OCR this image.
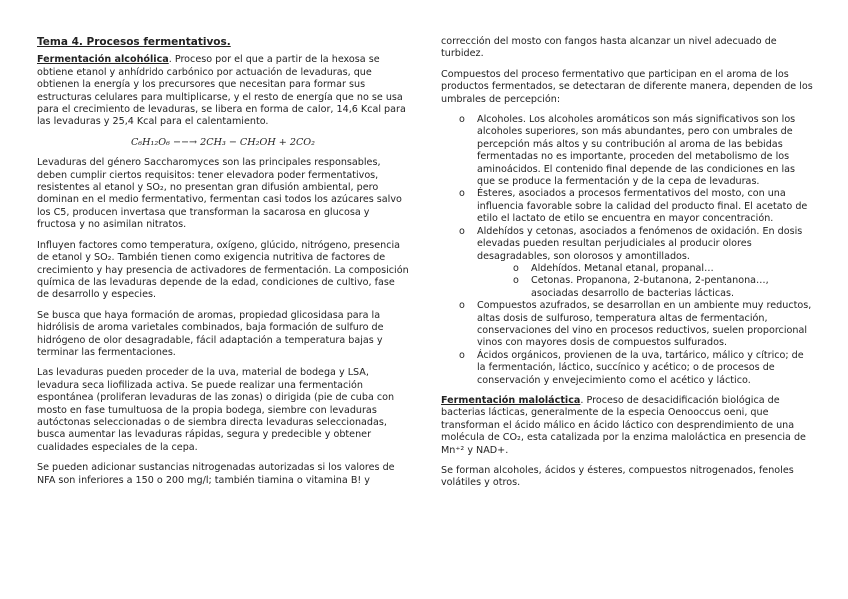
Tema 4. Procesos fermentativos.

Fermentación alcohólica. Proceso por el que a partir de la hexosa se obtiene etanol y anhídrido carbónico por actuación de levaduras, que obtienen la energía y los precursores que necesitan para formar sus estructuras celulares para multiplicarse, y el resto de energía que no se usa para el crecimiento de levaduras, se libera en forma de calor, 14,6 Kcal para las levaduras y 25,4 Kcal para el calentamiento.

C₆H₁₂O₆ −−→ 2CH₃ − CH₂OH + 2CO₂

Levaduras del género Saccharomyces son las principales responsables, deben cumplir ciertos requisitos: tener elevadora poder fermentativos, resistentes al etanol y SO₂, no presentan gran difusión ambiental, pero dominan en el medio fermentativo, fermentan casi todos los azúcares salvo los C5, producen invertasa que transforman la sacarosa en glucosa y fructosa y no asimilan nitratos.

Influyen factores como temperatura, oxígeno, glúcido, nitrógeno, presencia de etanol y SO₂. También tienen como exigencia nutritiva de factores de crecimiento y hay presencia de activadores de fermentación. La composición química de las levaduras depende de la edad, condiciones de cultivo, fase de desarrollo y especies.

Se busca que haya formación de aromas, propiedad glicosidasa para la hidrólisis de aroma varietales combinados, baja formación de sulfuro de hidrógeno de olor desagradable, fácil adaptación a temperatura bajas y terminar las fermentaciones.

Las levaduras pueden proceder de la uva, material de bodega y LSA, levadura seca liofilizada activa. Se puede realizar una fermentación espontánea (proliferan levaduras de las zonas) o dirigida (pie de cuba con mosto en fase tumultuosa de la propia bodega, siembre con levaduras autóctonas seleccionadas o de siembra directa levaduras seleccionadas, busca aumentar las levaduras rápidas, segura y predecible y obtener cualidades especiales de la cepa.

Se pueden adicionar sustancias nitrogenadas autorizadas si los valores de NFA son inferiores a 150 o 200 mg/l; también tiamina o vitamina B! y

corrección del mosto con fangos hasta alcanzar un nivel adecuado de turbidez.

Compuestos del proceso fermentativo que participan en el aroma de los productos fermentados, se detectaran de diferente manera, dependen de los umbrales de percepción:

o Alcoholes. Los alcoholes aromáticos son más significativos son los alcoholes superiores, son más abundantes, pero con umbrales de percepción más altos y su contribución al aroma de las bebidas fermentadas no es importante, proceden del metabolismo de los aminoácidos. El contenido final depende de las condiciones en las que se produce la fermentación y de la cepa de levaduras.
o Ésteres, asociados a procesos fermentativos del mosto, con una influencia favorable sobre la calidad del producto final. El acetato de etilo el lactato de etilo se encuentra en mayor concentración.
o Aldehídos y cetonas, asociados a fenómenos de oxidación. En dosis elevadas pueden resultan perjudiciales al producir olores desagradables, son olorosos y amontillados.
o Aldehídos. Metanal etanal, propanal…
o Cetonas. Propanona, 2-butanona, 2-pentanona…, asociadas desarrollo de bacterias lácticas.
o Compuestos azufrados, se desarrollan en un ambiente muy reductos, altas dosis de sulfuroso, temperatura altas de fermentación, conservaciones del vino en procesos reductivos, suelen proporcional vinos con mayores dosis de compuestos sulfurados.
o Ácidos orgánicos, provienen de la uva, tartárico, málico y cítrico; de la fermentación, láctico, succínico y acético; o de procesos de conservación y envejecimiento como el acético y láctico.

Fermentación maloláctica. Proceso de desacidificación biológica de bacterias lácticas, generalmente de la especia Oenooccus oeni, que transforman el ácido málico en ácido láctico con desprendimiento de una molécula de CO₂, esta catalizada por la enzima maloláctica en presencia de Mn⁺² y NAD+.

Se forman alcoholes, ácidos y ésteres, compuestos nitrogenados, fenoles volátiles y otros.
